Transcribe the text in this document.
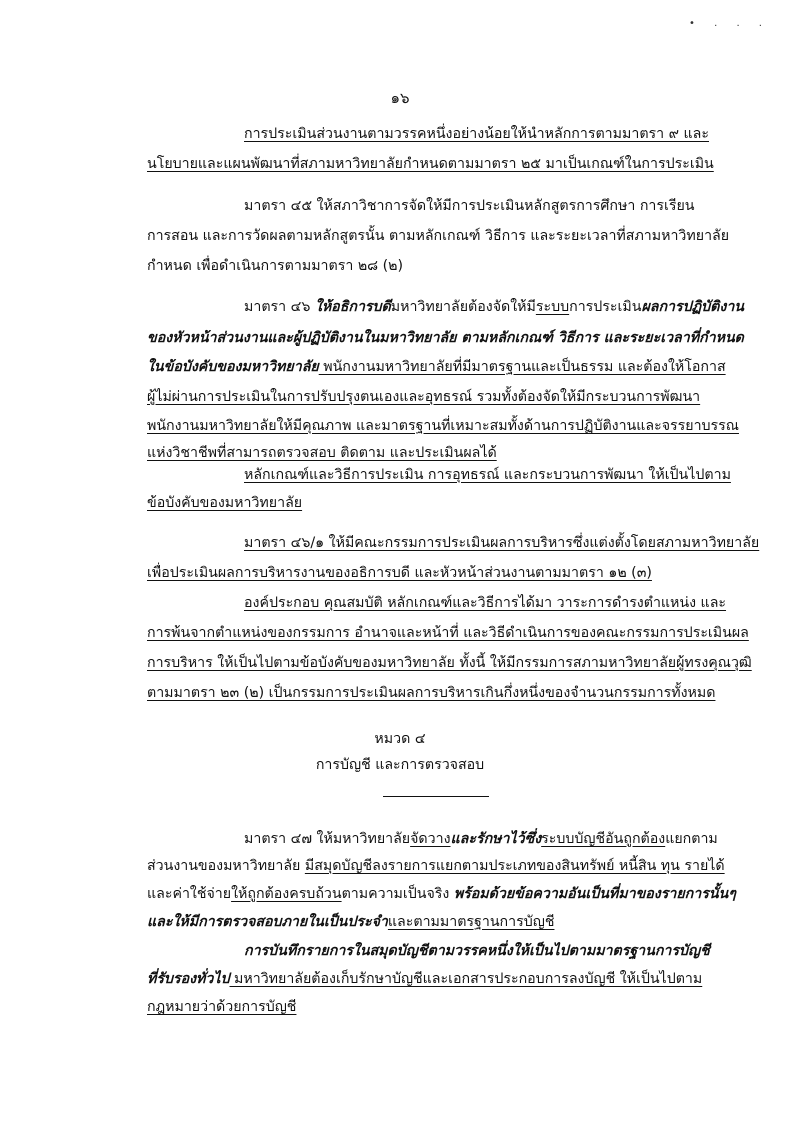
• . . .
๑๖
การประเมินส่วนงานตามวรรคหนึ่งอย่างน้อยให้นำหลักการตามมาตรา ๙ และ
นโยบายและแผนพัฒนาที่สภามหาวิทยาลัยกำหนดตามมาตรา ๒๕ มาเป็นเกณฑ์ในการประเมิน
มาตรา ๔๕ ให้สภาวิชาการจัดให้มีการประเมินหลักสูตรการศึกษา การเรียน
การสอน และการวัดผลตามหลักสูตรนั้น ตามหลักเกณฑ์ วิธีการ และระยะเวลาที่สภามหาวิทยาลัย
กำหนด เพื่อดำเนินการตามมาตรา ๒๘ (๒)
มาตรา ๔๖ ให้อธิการบดีมหาวิทยาลัยต้องจัดให้มีระบบการประเมินผลการปฏิบัติงาน
ของหัวหน้าส่วนงานและผู้ปฏิบัติงานในมหาวิทยาลัย ตามหลักเกณฑ์ วิธีการ และระยะเวลาที่กำหนด
ในข้อบังคับของมหาวิทยาลัย พนักงานมหาวิทยาลัยที่มีมาตรฐานและเป็นธรรม และต้องให้โอกาส
ผู้ไม่ผ่านการประเมินในการปรับปรุงตนเองและอุทธรณ์ รวมทั้งต้องจัดให้มีกระบวนการพัฒนา
พนักงานมหาวิทยาลัยให้มีคุณภาพ และมาตรฐานที่เหมาะสมทั้งด้านการปฏิบัติงานและจรรยาบรรณ
แห่งวิชาชีพที่สามารถตรวจสอบ ติดตาม และประเมินผลได้
หลักเกณฑ์และวิธีการประเมิน การอุทธรณ์ และกระบวนการพัฒนา ให้เป็นไปตาม
ข้อบังคับของมหาวิทยาลัย
มาตรา ๔๖/๑ ให้มีคณะกรรมการประเมินผลการบริหารซึ่งแต่งตั้งโดยสภามหาวิทยาลัย
เพื่อประเมินผลการบริหารงานของอธิการบดี และหัวหน้าส่วนงานตามมาตรา ๑๒ (๓)
องค์ประกอบ คุณสมบัติ หลักเกณฑ์และวิธีการได้มา วาระการดำรงตำแหน่ง และ
การพ้นจากตำแหน่งของกรรมการ อำนาจและหน้าที่ และวิธีดำเนินการของคณะกรรมการประเมินผล
การบริหาร ให้เป็นไปตามข้อบังคับของมหาวิทยาลัย ทั้งนี้ ให้มีกรรมการสภามหาวิทยาลัยผู้ทรงคุณวุฒิ
ตามมาตรา ๒๓ (๒) เป็นกรรมการประเมินผลการบริหารเกินกึ่งหนึ่งของจำนวนกรรมการทั้งหมด
หมวด ๔
การบัญชี และการตรวจสอบ
มาตรา ๔๗ ให้มหาวิทยาลัยจัดวางและรักษาไว้ซึ่งระบบบัญชีอันถูกต้องแยกตาม
ส่วนงานของมหาวิทยาลัย มีสมุดบัญชีลงรายการแยกตามประเภทของสินทรัพย์ หนี้สิน ทุน รายได้
และค่าใช้จ่ายให้ถูกต้องครบถ้วนตามความเป็นจริง พร้อมด้วยข้อความอันเป็นที่มาของรายการนั้นๆ
และให้มีการตรวจสอบภายในเป็นประจำและตามมาตรฐานการบัญชี
การบันทึกรายการในสมุดบัญชีตามวรรคหนึ่งให้เป็นไปตามมาตรฐานการบัญชี
ที่รับรองทั่วไป มหาวิทยาลัยต้องเก็บรักษาบัญชีและเอกสารประกอบการลงบัญชี ให้เป็นไปตาม
กฎหมายว่าด้วยการบัญชี
